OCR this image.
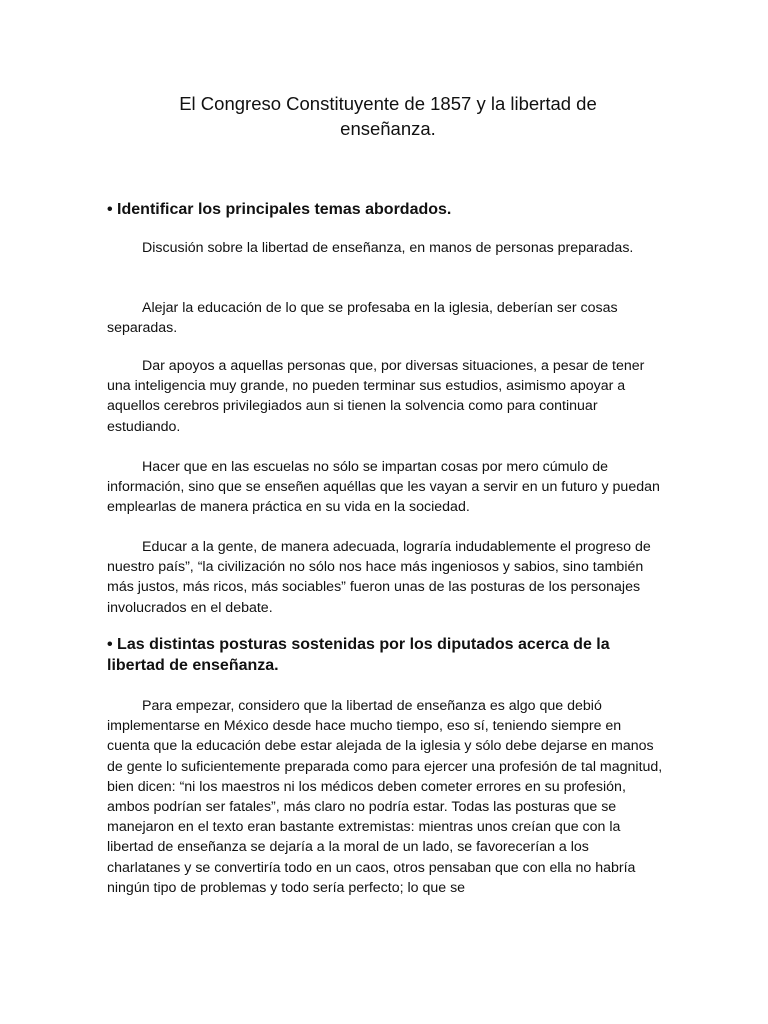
El Congreso Constituyente de 1857 y la libertad de enseñanza.
• Identificar los principales temas abordados.

Discusión sobre la libertad de enseñanza, en manos de personas preparadas.

Alejar la educación de lo que se profesaba en la iglesia, deberían ser cosas separadas.

Dar apoyos a aquellas personas que, por diversas situaciones, a pesar de tener una inteligencia muy grande, no pueden terminar sus estudios, asimismo apoyar a aquellos cerebros privilegiados aun si tienen la solvencia como para continuar estudiando.

Hacer que en las escuelas no sólo se impartan cosas por mero cúmulo de información, sino que se enseñen aquéllas que les vayan a servir en un futuro y puedan emplearlas de manera práctica en su vida en la sociedad.

Educar a la gente, de manera adecuada, lograría indudablemente el progreso de nuestro país”, “la civilización no sólo nos hace más ingeniosos y sabios, sino también más justos, más ricos, más sociables” fueron unas de las posturas de los personajes involucrados en el debate.

• Las distintas posturas sostenidas por los diputados acerca de la libertad de enseñanza.

Para empezar, considero que la libertad de enseñanza es algo que debió implementarse en México desde hace mucho tiempo, eso sí, teniendo siempre en cuenta que la educación debe estar alejada de la iglesia y sólo debe dejarse en manos de gente lo suficientemente preparada como para ejercer una profesión de tal magnitud, bien dicen: “ni los maestros ni los médicos deben cometer errores en su profesión, ambos podrían ser fatales”, más claro no podría estar. Todas las posturas que se manejaron en el texto eran bastante extremistas: mientras unos creían que con la libertad de enseñanza se dejaría a la moral de un lado, se favorecerían a los charlatanes y se convertiría todo en un caos, otros pensaban que con ella no habría ningún tipo de problemas y todo sería perfecto; lo que se
